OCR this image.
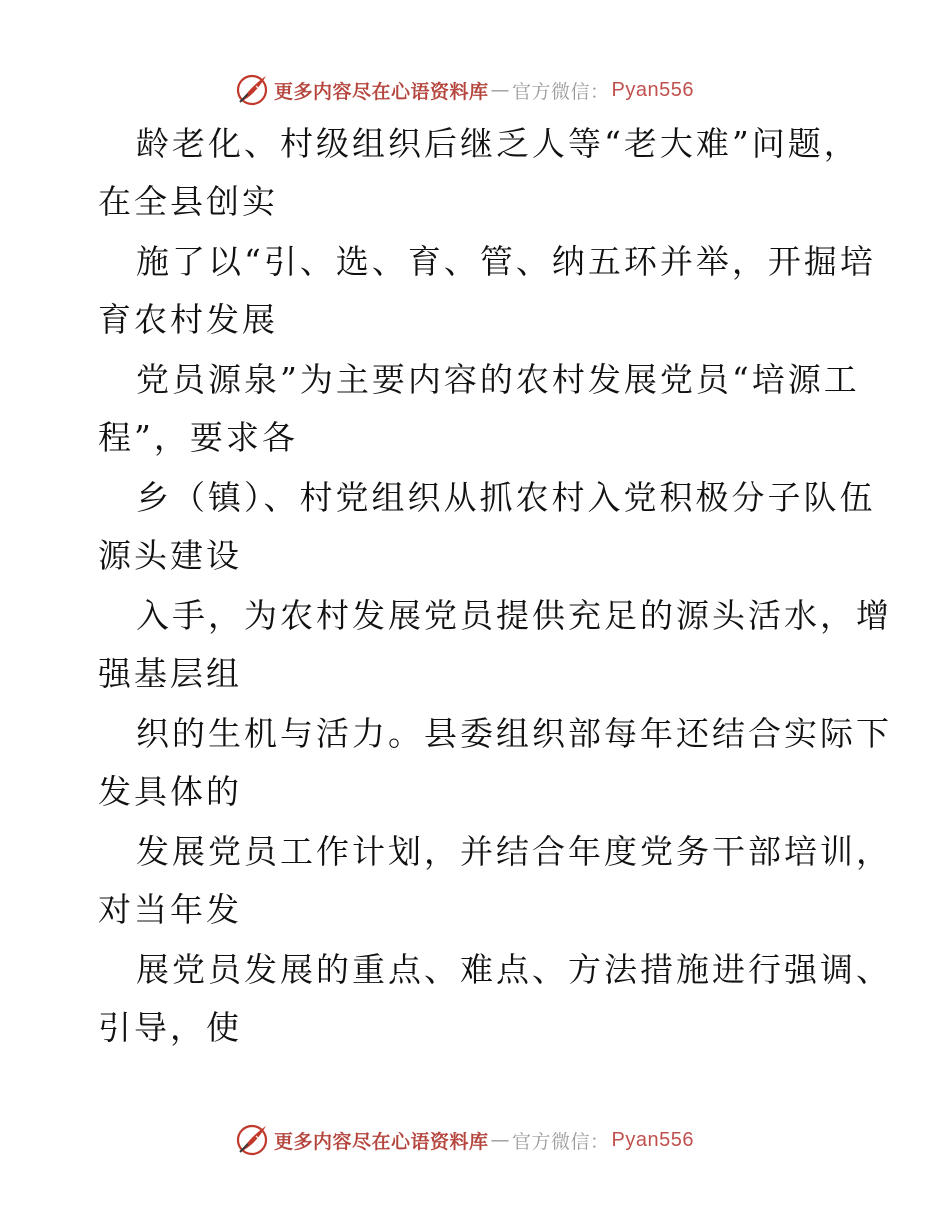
更多内容尽在心语资料库 — 官方微信： Pyan556
龄老化、村级组织后继乏人等“老大难”问题，
在全县创实
施了以“引、选、育、管、纳五环并举，开掘培
育农村发展
党员源泉”为主要内容的农村发展党员“培源工
程”，要求各
乡（镇）、村党组织从抓农村入党积极分子队伍
源头建设
入手，为农村发展党员提供充足的源头活水，增
强基层组
织的生机与活力。县委组织部每年还结合实际下
发具体的
发展党员工作计划，并结合年度党务干部培训，
对当年发
展党员发展的重点、难点、方法措施进行强调、
引导，使
更多内容尽在心语资料库 — 官方微信： Pyan556
